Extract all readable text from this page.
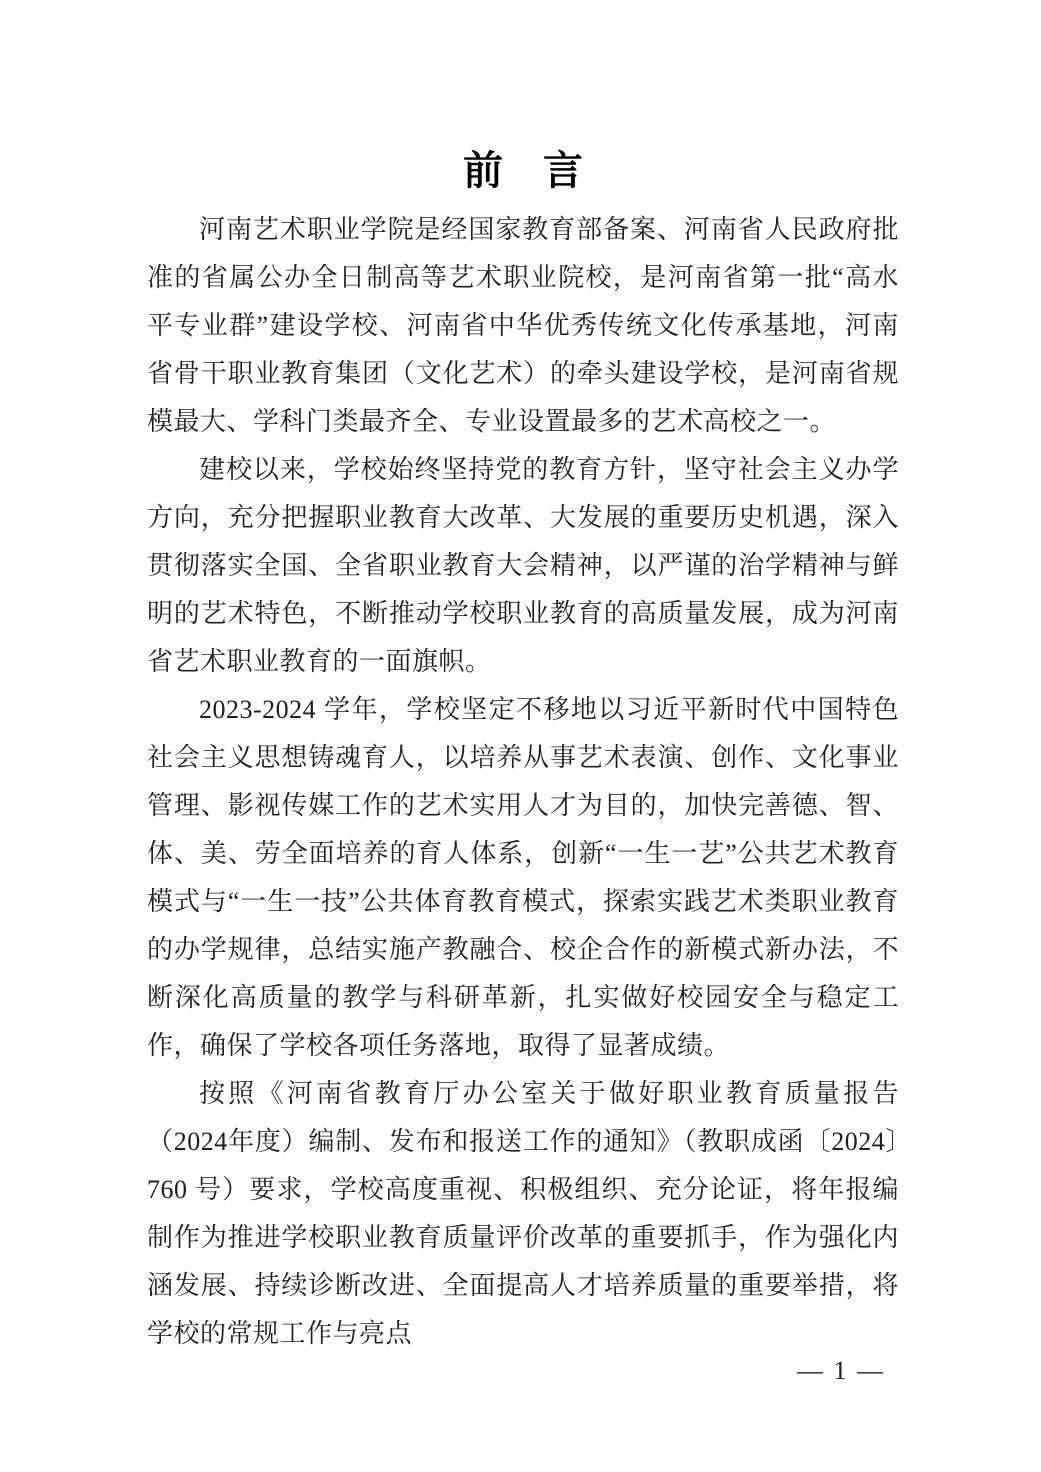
前　言

河南艺术职业学院是经国家教育部备案、河南省人民政府批准的省属公办全日制高等艺术职业院校，是河南省第一批“高水平专业群”建设学校、河南省中华优秀传统文化传承基地，河南省骨干职业教育集团（文化艺术）的牵头建设学校，是河南省规模最大、学科门类最齐全、专业设置最多的艺术高校之一。

建校以来，学校始终坚持党的教育方针，坚守社会主义办学方向，充分把握职业教育大改革、大发展的重要历史机遇，深入贯彻落实全国、全省职业教育大会精神，以严谨的治学精神与鲜明的艺术特色，不断推动学校职业教育的高质量发展，成为河南省艺术职业教育的一面旗帜。

2023-2024 学年，学校坚定不移地以习近平新时代中国特色社会主义思想铸魂育人，以培养从事艺术表演、创作、文化事业管理、影视传媒工作的艺术实用人才为目的，加快完善德、智、体、美、劳全面培养的育人体系，创新“一生一艺”公共艺术教育模式与“一生一技”公共体育教育模式，探索实践艺术类职业教育的办学规律，总结实施产教融合、校企合作的新模式新办法，不断深化高质量的教学与科研革新，扎实做好校园安全与稳定工作，确保了学校各项任务落地，取得了显著成绩。

按照《河南省教育厅办公室关于做好职业教育质量报告（2024年度）编制、发布和报送工作的通知》（教职成函〔2024〕760 号）要求，学校高度重视、积极组织、充分论证，将年报编制作为推进学校职业教育质量评价改革的重要抓手，作为强化内涵发展、持续诊断改进、全面提高人才培养质量的重要举措，将学校的常规工作与亮点

— 1 —
